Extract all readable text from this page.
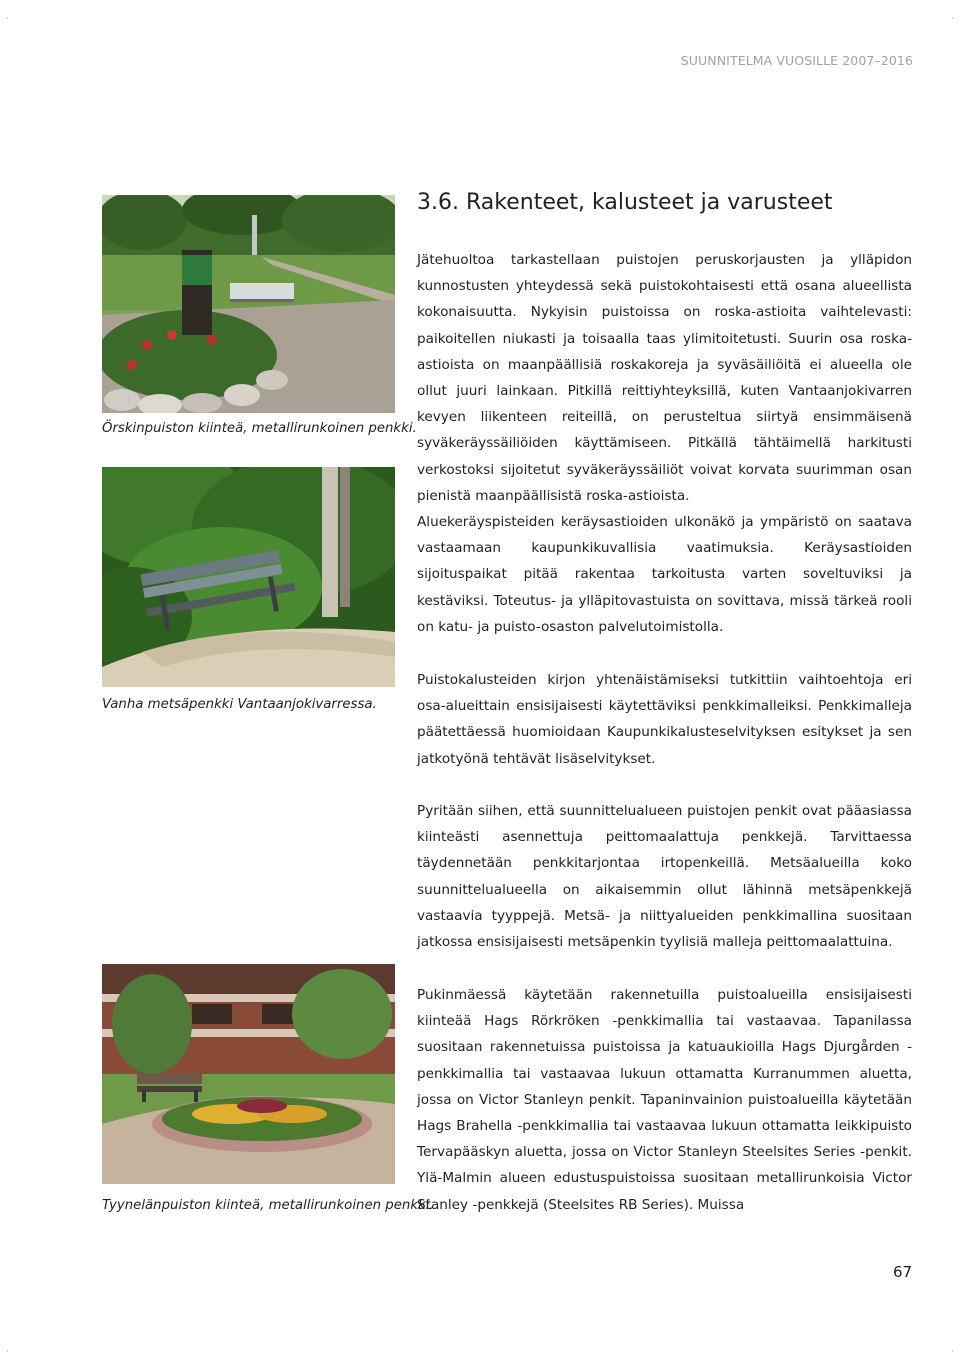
·	·
·	·
SUUNNITELMA VUOSILLE 2007–2016
3.6. Rakenteet, kalusteet ja varusteet
Örskinpuiston kiinteä, metallirunkoinen penkki.
Vanha metsäpenkki Vantaanjokivarressa.
Tyynelänpuiston kiinteä, metallirunkoinen penkki.

Jätehuoltoa tarkastellaan puistojen peruskorjausten ja ylläpidon kunnostusten yhteydessä sekä puistokohtaisesti että osana alueellista kokonaisuutta. Nykyisin puistoissa on roska-astioita vaihtelevasti: paikoitellen niukasti ja toisaalla taas ylimitoitetusti. Suurin osa roska-astioista on maanpäällisiä roskakoreja ja syväsäiliöitä ei alueella ole ollut juuri lainkaan. Pitkillä reittiyhteyksillä, kuten Vantaanjokivarren kevyen liikenteen reiteillä, on perusteltua siirtyä ensimmäisenä syväkeräyssäiliöiden käyttämiseen. Pitkällä tähtäimellä harkitusti verkostoksi sijoitetut syväkeräyssäiliöt voivat korvata suurimman osan pienistä maanpäällisistä roska-astioista.

Aluekeräyspisteiden keräysastioiden ulkonäkö ja ympäristö on saatava vastaamaan kaupunkikuvallisia vaatimuksia. Keräysastioiden sijoituspaikat pitää rakentaa tarkoitusta varten soveltuviksi ja kestäviksi. Toteutus- ja ylläpitovastuista on sovittava, missä tärkeä rooli on katu- ja puisto-osaston palvelutoimistolla.

Puistokalusteiden kirjon yhtenäistämiseksi tutkittiin vaihtoehtoja eri osa-alueittain ensisijaisesti käytettäviksi penkkimalleiksi. Penkkimalleja päätettäessä huomioidaan Kaupunkikalusteselvityksen esitykset ja sen jatkotyönä tehtävät lisäselvitykset.

Pyritään siihen, että suunnittelualueen puistojen penkit ovat pääasiassa kiinteästi asennettuja peittomaalattuja penkkejä. Tarvittaessa täydennetään penkkitarjontaa irtopenkeillä. Metsäalueilla koko suunnittelualueella on aikaisemmin ollut lähinnä metsäpenkkejä vastaavia tyyppejä. Metsä- ja niittyalueiden penkkimallina suositaan jatkossa ensisijaisesti metsäpenkin tyylisiä malleja peittomaalattuina.

Pukinmäessä käytetään rakennetuilla puistoalueilla ensisijaisesti kiinteää Hags Rörkröken -penkkimallia tai vastaavaa. Tapanilassa suositaan rakennetuissa puistoissa ja katuaukioilla Hags Djurgården -penkkimallia tai vastaavaa lukuun ottamatta Kurranummen aluetta, jossa on Victor Stanleyn penkit. Tapaninvainion puistoalueilla käytetään Hags Brahella -penkkimallia tai vastaavaa lukuun ottamatta leikkipuisto Tervapääskyn aluetta, jossa on Victor Stanleyn Steelsites Series -penkit. Ylä-Malmin alueen edustuspuistoissa suositaan metallirunkoisia Victor Stanley -penkkejä (Steelsites RB Series). Muissa

67
